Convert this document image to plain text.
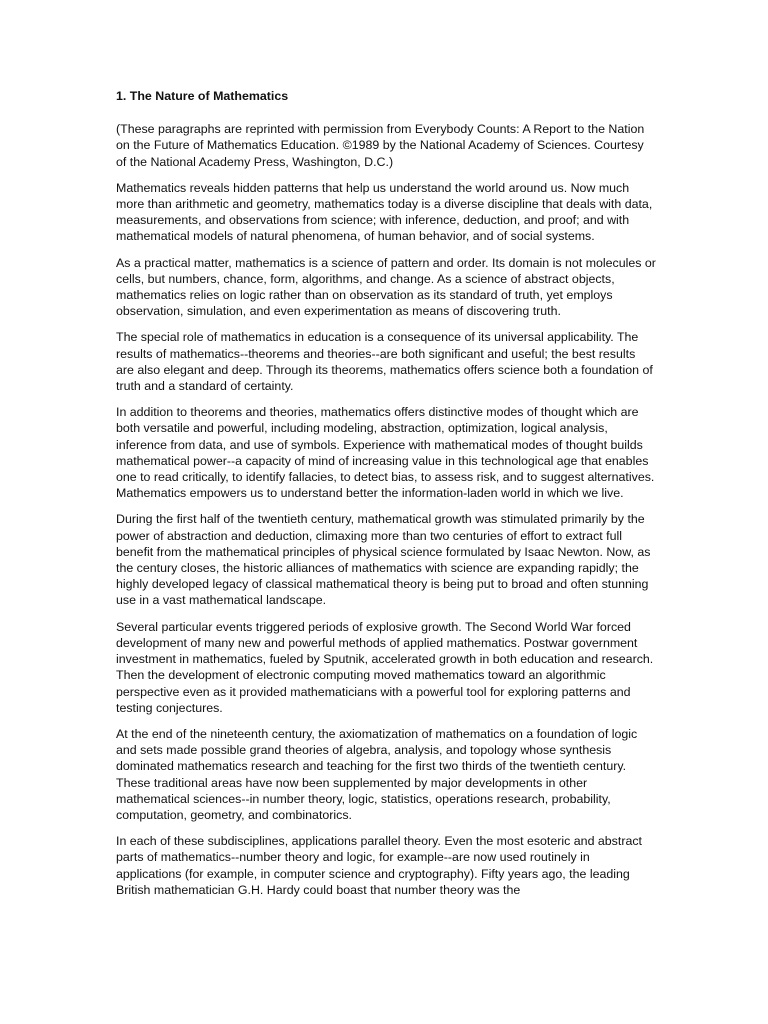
1. The Nature of Mathematics

(These paragraphs are reprinted with permission from Everybody Counts: A Report to the Nation on the Future of Mathematics Education. ©1989 by the National Academy of Sciences. Courtesy of the National Academy Press, Washington, D.C.)

Mathematics reveals hidden patterns that help us understand the world around us. Now much more than arithmetic and geometry, mathematics today is a diverse discipline that deals with data, measurements, and observations from science; with inference, deduction, and proof; and with mathematical models of natural phenomena, of human behavior, and of social systems.

As a practical matter, mathematics is a science of pattern and order. Its domain is not molecules or cells, but numbers, chance, form, algorithms, and change. As a science of abstract objects, mathematics relies on logic rather than on observation as its standard of truth, yet employs observation, simulation, and even experimentation as means of discovering truth.

The special role of mathematics in education is a consequence of its universal applicability. The results of mathematics--theorems and theories--are both significant and useful; the best results are also elegant and deep. Through its theorems, mathematics offers science both a foundation of truth and a standard of certainty.

In addition to theorems and theories, mathematics offers distinctive modes of thought which are both versatile and powerful, including modeling, abstraction, optimization, logical analysis, inference from data, and use of symbols. Experience with mathematical modes of thought builds mathematical power--a capacity of mind of increasing value in this technological age that enables one to read critically, to identify fallacies, to detect bias, to assess risk, and to suggest alternatives. Mathematics empowers us to understand better the information-laden world in which we live.

During the first half of the twentieth century, mathematical growth was stimulated primarily by the power of abstraction and deduction, climaxing more than two centuries of effort to extract full benefit from the mathematical principles of physical science formulated by Isaac Newton. Now, as the century closes, the historic alliances of mathematics with science are expanding rapidly; the highly developed legacy of classical mathematical theory is being put to broad and often stunning use in a vast mathematical landscape.

Several particular events triggered periods of explosive growth. The Second World War forced development of many new and powerful methods of applied mathematics. Postwar government investment in mathematics, fueled by Sputnik, accelerated growth in both education and research. Then the development of electronic computing moved mathematics toward an algorithmic perspective even as it provided mathematicians with a powerful tool for exploring patterns and testing conjectures.

At the end of the nineteenth century, the axiomatization of mathematics on a foundation of logic and sets made possible grand theories of algebra, analysis, and topology whose synthesis dominated mathematics research and teaching for the first two thirds of the twentieth century. These traditional areas have now been supplemented by major developments in other mathematical sciences--in number theory, logic, statistics, operations research, probability, computation, geometry, and combinatorics.

In each of these subdisciplines, applications parallel theory. Even the most esoteric and abstract parts of mathematics--number theory and logic, for example--are now used routinely in applications (for example, in computer science and cryptography). Fifty years ago, the leading British mathematician G.H. Hardy could boast that number theory was the
